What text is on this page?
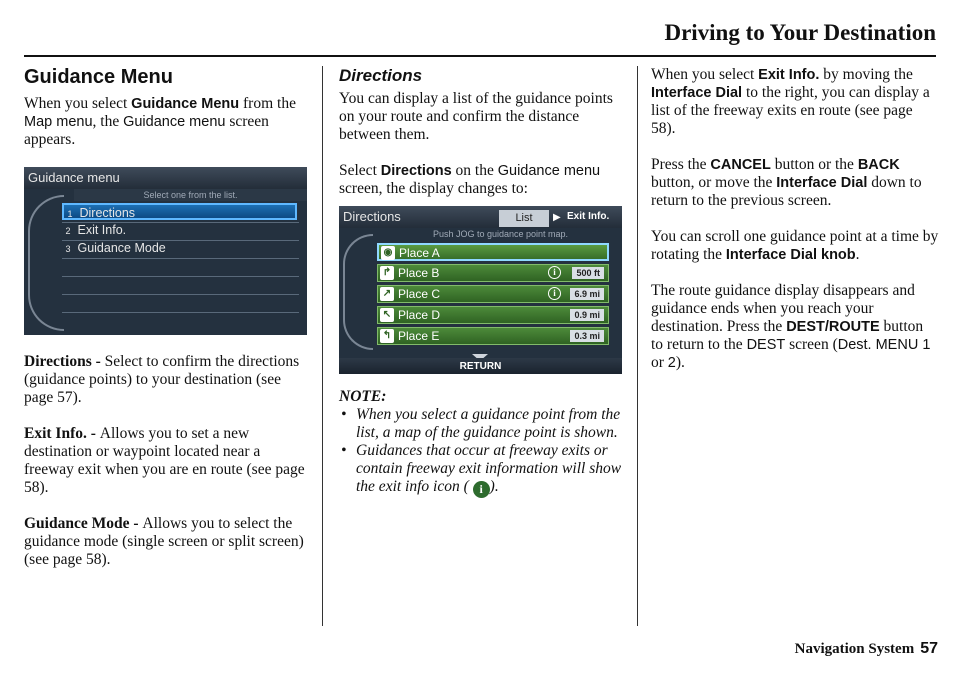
Driving to Your Destination
Guidance Menu

When you select Guidance Menu from the Map menu, the Guidance menu screen appears.

Guidance menu
Select one from the list.
1 Directions
2 Exit Info.
3 Guidance Mode

Directions - Select to confirm the directions (guidance points) to your destination (see page 57).

Exit Info. - Allows you to set a new destination or waypoint located near a freeway exit when you are en route (see page 58).

Guidance Mode - Allows you to select the guidance mode (single screen or split screen) (see page 58).

Directions

You can display a list of the guidance points on your route and confirm the distance between them.

Select Directions on the Guidance menu screen, the display changes to:

Directions	List	▶ Exit Info.
Push JOG to guidance point map.
◉ Place A
↱ Place B	i	500 ft
↗ Place C	i	6.9 mi
↖ Place D	0.9 mi
↰ Place E	0.3 mi
RETURN
NOTE:
• When you select a guidance point from the list, a map of the guidance point is shown.
• Guidances that occur at freeway exits or contain freeway exit information will show the exit info icon ( i ).

When you select Exit Info. by moving the Interface Dial to the right, you can display a list of the freeway exits en route (see page 58).

Press the CANCEL button or the BACK button, or move the Interface Dial down to return to the previous screen.

You can scroll one guidance point at a time by rotating the Interface Dial knob.

The route guidance display disappears and guidance ends when you reach your destination. Press the DEST/ROUTE button to return to the DEST screen (Dest. MENU 1 or 2).

Navigation System 57
